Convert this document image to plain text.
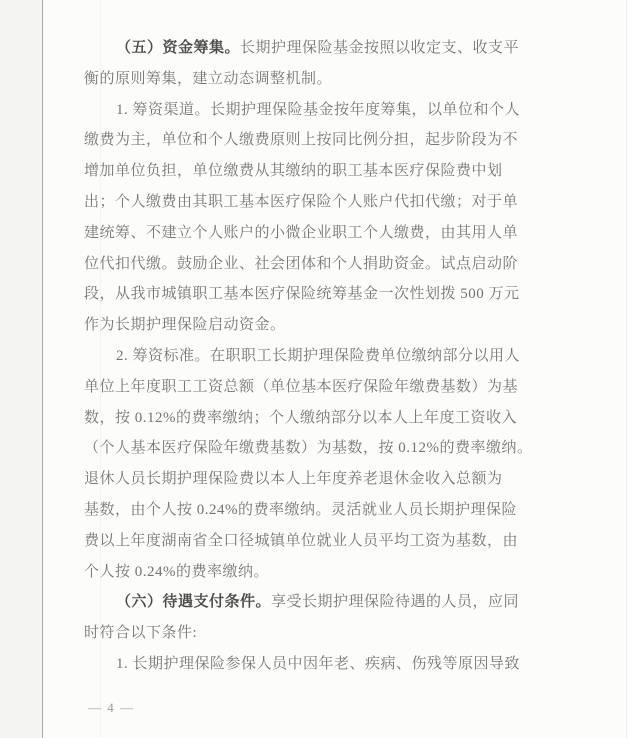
（五）资金筹集。长期护理保险基金按照以收定支、收支平
衡的原则筹集，建立动态调整机制。
1. 筹资渠道。长期护理保险基金按年度筹集，以单位和个人
缴费为主，单位和个人缴费原则上按同比例分担，起步阶段为不
增加单位负担，单位缴费从其缴纳的职工基本医疗保险费中划
出；个人缴费由其职工基本医疗保险个人账户代扣代缴；对于单
建统筹、不建立个人账户的小微企业职工个人缴费，由其用人单
位代扣代缴。鼓励企业、社会团体和个人捐助资金。试点启动阶
段，从我市城镇职工基本医疗保险统筹基金一次性划拨 500 万元
作为长期护理保险启动资金。
2. 筹资标准。在职职工长期护理保险费单位缴纳部分以用人
单位上年度职工工资总额（单位基本医疗保险年缴费基数）为基
数，按 0.12%的费率缴纳；个人缴纳部分以本人上年度工资收入
（个人基本医疗保险年缴费基数）为基数，按 0.12%的费率缴纳。
退休人员长期护理保险费以本人上年度养老退休金收入总额为
基数，由个人按 0.24%的费率缴纳。灵活就业人员长期护理保险
费以上年度湖南省全口径城镇单位就业人员平均工资为基数，由
个人按 0.24%的费率缴纳。
（六）待遇支付条件。享受长期护理保险待遇的人员，应同
时符合以下条件:
1. 长期护理保险参保人员中因年老、疾病、伤残等原因导致
— 4 —
